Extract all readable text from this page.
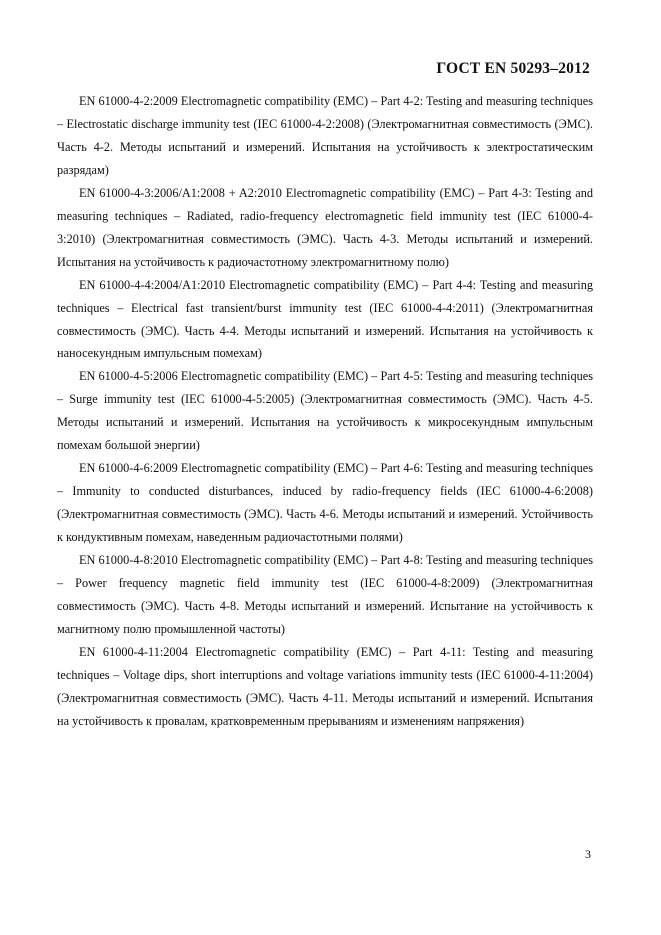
ГОСТ EN 50293–2012
EN 61000-4-2:2009 Electromagnetic compatibility (EMC) – Part 4-2: Testing and measuring techniques – Electrostatic discharge immunity test (IEC 61000-4-2:2008) (Электромагнитная совместимость (ЭМС). Часть 4-2. Методы испытаний и измерений. Испытания на устойчивость к электростатическим разрядам)
EN 61000-4-3:2006/A1:2008 + A2:2010 Electromagnetic compatibility (EMC) – Part 4-3: Testing and measuring techniques – Radiated, radio-frequency electromagnetic field immunity test (IEC 61000-4-3:2010) (Электромагнитная совместимость (ЭМС). Часть 4-3. Методы испытаний и измерений. Испытания на устойчивость к радиочастотному электромагнитному полю)
EN 61000-4-4:2004/A1:2010 Electromagnetic compatibility (EMC) – Part 4-4: Testing and measuring techniques – Electrical fast transient/burst immunity test (IEC 61000-4-4:2011) (Электромагнитная совместимость (ЭМС). Часть 4-4. Методы испытаний и измерений. Испытания на устойчивость к наносекундным импульсным помехам)
EN 61000-4-5:2006 Electromagnetic compatibility (EMC) – Part 4-5: Testing and measuring techniques – Surge immunity test (IEC 61000-4-5:2005) (Электромагнитная совместимость (ЭМС). Часть 4-5. Методы испытаний и измерений. Испытания на устойчивость к микросекундным импульсным помехам большой энергии)
EN 61000-4-6:2009 Electromagnetic compatibility (EMC) – Part 4-6: Testing and measuring techniques – Immunity to conducted disturbances, induced by radio-frequency fields (IEC 61000-4-6:2008) (Электромагнитная совместимость (ЭМС). Часть 4-6. Методы испытаний и измерений. Устойчивость к кондуктивным помехам, наведенным радиочастотными полями)
EN 61000-4-8:2010 Electromagnetic compatibility (EMC) – Part 4-8: Testing and measuring techniques – Power frequency magnetic field immunity test (IEC 61000-4-8:2009) (Электромагнитная совместимость (ЭМС). Часть 4-8. Методы испытаний и измерений. Испытание на устойчивость к магнитному полю промышленной частоты)
EN 61000-4-11:2004 Electromagnetic compatibility (EMC) – Part 4-11: Testing and measuring techniques – Voltage dips, short interruptions and voltage variations immunity tests (IEC 61000-4-11:2004) (Электромагнитная совместимость (ЭМС). Часть 4-11. Методы испытаний и измерений. Испытания на устойчивость к провалам, кратковременным прерываниям и изменениям напряжения)
3
